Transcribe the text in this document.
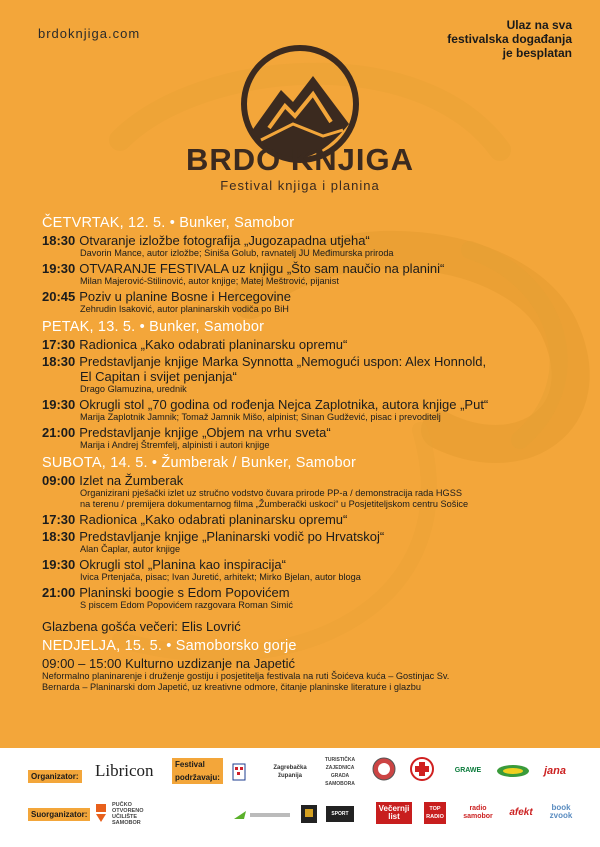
brdoknjiga.com
Ulaz na sva
festivalska događanja
je besplatan
BRDO KNJIGA
Festival knjiga i planina
ČETVRTAK, 12. 5. • Bunker, Samobor
18:30 Otvaranje izložbe fotografija „Jugozapadna utjeha“
Davorin Mance, autor izložbe; Siniša Golub, ravnatelj JU Međimurska priroda
19:30 OTVARANJE FESTIVALA uz knjigu „Što sam naučio na planini“
Milan Majerović-Stilinović, autor knjige; Matej Meštrović, pijanist
20:45 Poziv u planine Bosne i Hercegovine
Zehrudin Isaković, autor planinarskih vodiča po BiH
PETAK, 13. 5. • Bunker, Samobor
17:30 Radionica „Kako odabrati planinarsku opremu“
18:30 Predstavljanje knjige Marka Synnotta „Nemogući uspon: Alex Honnold,
El Capitan i svijet penjanja“
Drago Glamuzina, urednik
19:30 Okrugli stol „70 godina od rođenja Nejca Zaplotnika, autora knjige „Put“
Marija Zaplotnik Jamnik; Tomaž Jamnik Mišo, alpinist; Sinan Gudžević, pisac i prevoditelj
21:00 Predstavljanje knjige „Objem na vrhu sveta“
Marija i Andrej Štremfelj, alpinisti i autori knjige
SUBOTA, 14. 5. • Žumberak / Bunker, Samobor
09:00 Izlet na Žumberak
Organizirani pješački izlet uz stručno vodstvo čuvara prirode PP-a / demonstracija rada HGSS
na terenu / premijera dokumentarnog filma „Žumberački uskoci“ u Posjetiteljskom centru Sošice
17:30 Radionica „Kako odabrati planinarsku opremu“
18:30 Predstavljanje knjige „Planinarski vodič po Hrvatskoj“
Alan Čaplar, autor knjige
19:30 Okrugli stol „Planina kao inspiracija“
Ivica Prtenjača, pisac; Ivan Juretić, arhitekt; Mirko Bjelan, autor bloga
21:00 Planinski boogie s Edom Popovićem
S piscem Edom Popovićem razgovara Roman Simić
Glazbena gošća večeri: Elis Lovrić
NEDJELJA, 15. 5. • Samoborsko gorje
09:00 – 15:00 Kulturno uzdizanje na Japetić
Neformalno planinarenje i druženje gostiju i posjetitelja festivala na ruti Šoićeva kuća – Gostinjac Sv.
Bernarda – Planinarski dom Japetić, uz kreativne odmore, čitanje planinske literature i glazbu
Organizator: Libricon	Festival
podržavaju:
Zagrebačka županija
TURISTIČKA ZAJEDNICA GRADA SAMOBORA
GRAWE	jana
Suorganizator:
PUČKO
OTVORENO
UČILIŠTE
SAMOBOR
SPORT
Večernji list
TOP RADIO
radio samobor	afekt	book zvook
